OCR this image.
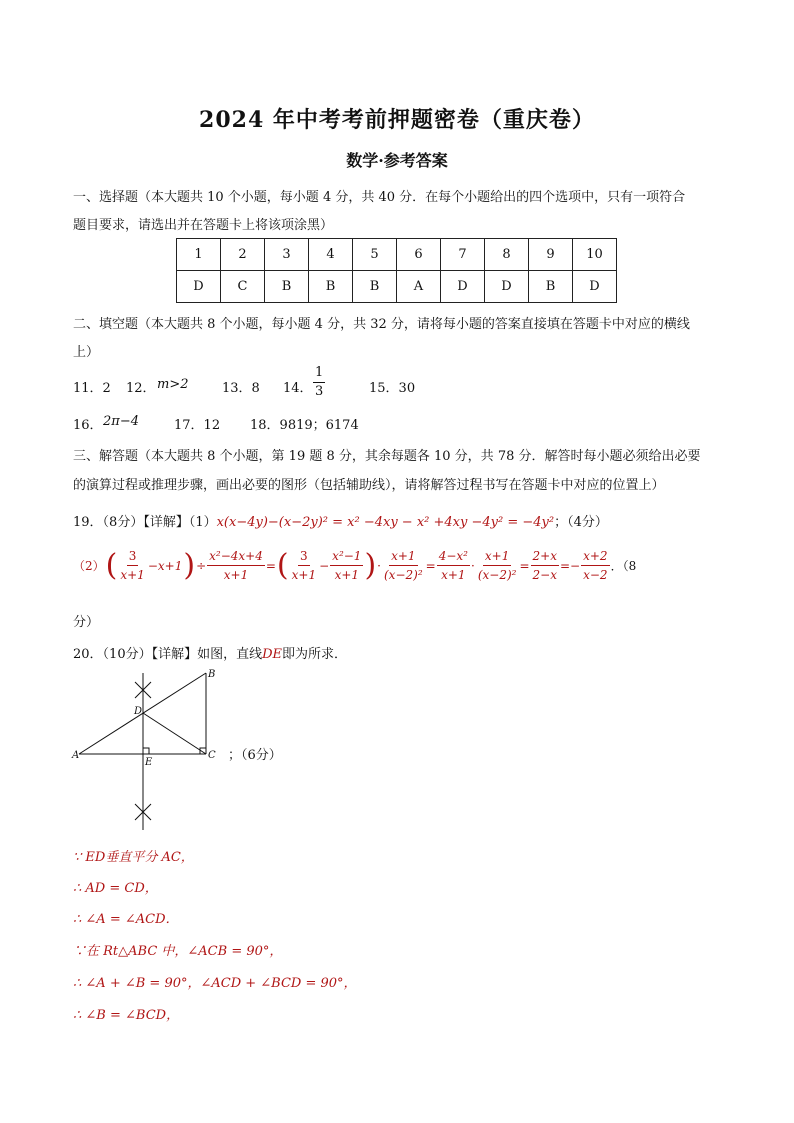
2024 年中考考前押题密卷（重庆卷）
数学·参考答案
一、选择题（本大题共 10 个小题，每小题 4 分，共 40 分．在每个小题给出的四个选项中，只有一项符合
题目要求，请选出并在答题卡上将该项涂黑）
1	2	3	4	5	6	7	8	9	10
D	C	B	B	B	A	D	D	B	D
二、填空题（本大题共 8 个小题，每小题 4 分，共 32 分，请将每小题的答案直接填在答题卡中对应的横线
上）
11．2 12． m>2	13．8 14． $\frac{1}{3}$	15．30
16． 2π−4	17．12 18．9819；6174
三、解答题（本大题共 8 个小题，第 19 题 8 分，其余每题各 10 分，共 78 分．解答时每小题必须给出必要
的演算过程或推理步骤，画出必要的图形（包括辅助线），请将解答过程书写在答题卡中对应的位置上）
19．（8分）【详解】（1）x(x−4y)−(x−2y)² = x² −4xy − x² +4xy −4y² = −4y²；（4分）
（2） ( $\frac{3}{x+1} -x+1$ ) ÷ $\frac{\text{x²−4x+4}}{x+1}$ = ( $\frac{3}{x+1} - \frac{\text{x²−1}}{x+1}$ ) · $\frac{x+1}{\text{(x−2)²}} = \frac{\text{4−x²}}{x+1} \cdot \frac{x+1}{\text{(x−2)²}} = \frac{2+x}{2-x} =- \frac{x+2}{x-2}$ ．（8
分）
20．（10分）【详解】如图，直线DE即为所求．
A
B
C
D
E	；（6分）
∵ ED垂直平分 AC，
∴ AD = CD，
∴ ∠A = ∠ACD．
∵在 Rt△ABC 中，∠ACB = 90°，
∴ ∠A + ∠B = 90°，∠ACD + ∠BCD = 90°，
∴ ∠B = ∠BCD，
